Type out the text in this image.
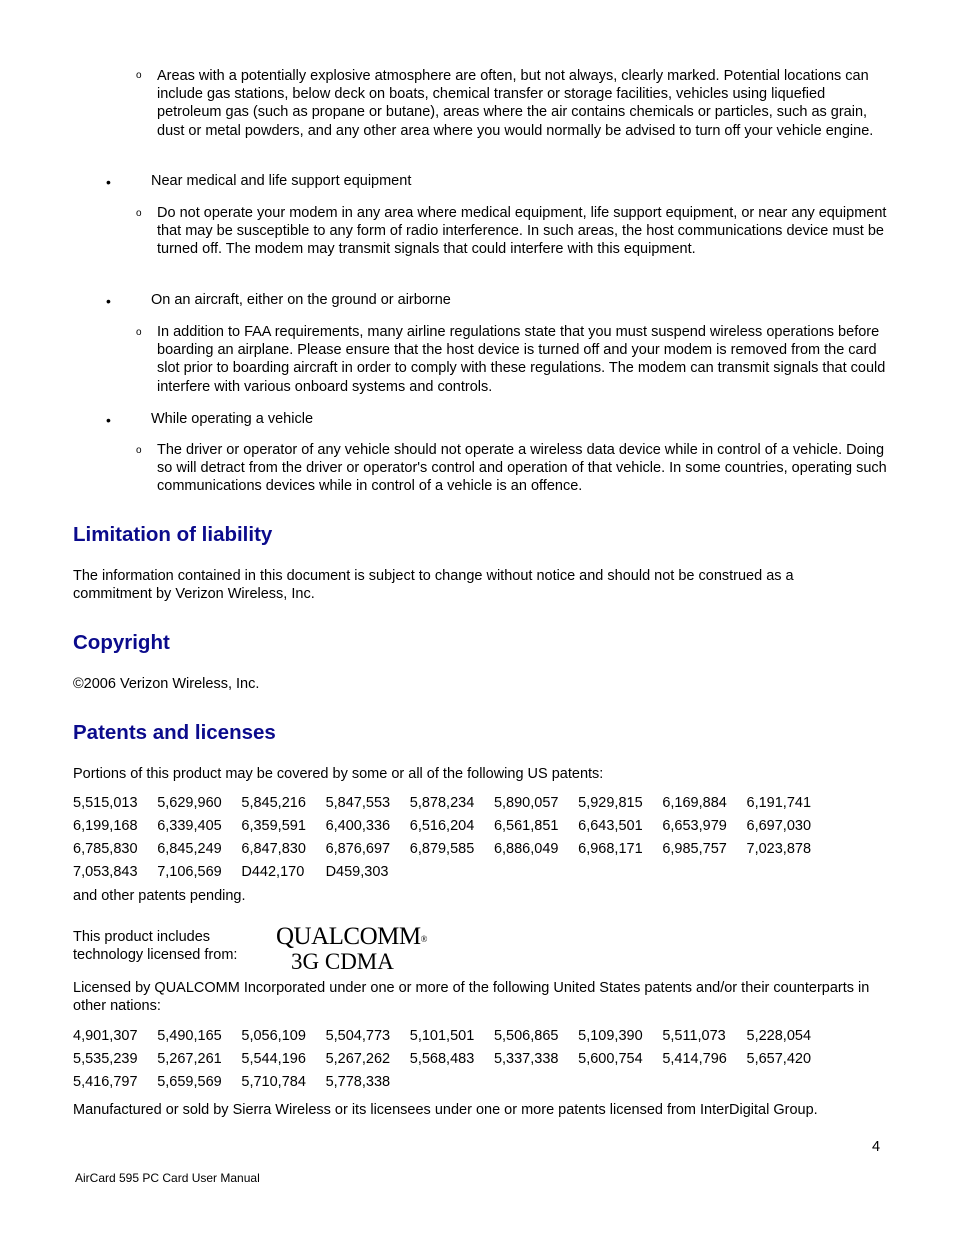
o Areas with a potentially explosive atmosphere are often, but not always, clearly marked. Potential locations can include gas stations, below deck on boats, chemical transfer or storage facilities, vehicles using liquefied petroleum gas (such as propane or butane), areas where the air contains chemicals or particles, such as grain, dust or metal powders, and any other area where you would normally be advised to turn off your vehicle engine.
•	Near medical and life support equipment
o Do not operate your modem in any area where medical equipment, life support equipment, or near any equipment that may be susceptible to any form of radio interference. In such areas, the host communications device must be turned off. The modem may transmit signals that could interfere with this equipment.
•	On an aircraft, either on the ground or airborne
o In addition to FAA requirements, many airline regulations state that you must suspend wireless operations before boarding an airplane. Please ensure that the host device is turned off and your modem is removed from the card slot prior to boarding aircraft in order to comply with these regulations. The modem can transmit signals that could interfere with various onboard systems and controls.
•	While operating a vehicle
o The driver or operator of any vehicle should not operate a wireless data device while in control of a vehicle. Doing so will detract from the driver or operator's control and operation of that vehicle. In some countries, operating such communications devices while in control of a vehicle is an offence.
Limitation of liability
The information contained in this document is subject to change without notice and should not be construed as a commitment by Verizon Wireless, Inc.
Copyright
©2006 Verizon Wireless, Inc.
Patents and licenses
Portions of this product may be covered by some or all of the following US patents:
5,515,013	5,629,960	5,845,216	5,847,553	5,878,234	5,890,057	5,929,815	6,169,884	6,191,741
6,199,168	6,339,405	6,359,591	6,400,336	6,516,204	6,561,851	6,643,501	6,653,979	6,697,030
6,785,830	6,845,249	6,847,830	6,876,697	6,879,585	6,886,049	6,968,171	6,985,757	7,023,878
7,053,843	7,106,569	D442,170	D459,303
and other patents pending.
This product includes technology licensed from:
QUALCOMM®
3G CDMA
Licensed by QUALCOMM Incorporated under one or more of the following United States patents and/or their counterparts in other nations:
4,901,307	5,490,165	5,056,109	5,504,773	5,101,501	5,506,865	5,109,390	5,511,073	5,228,054
5,535,239	5,267,261	5,544,196	5,267,262	5,568,483	5,337,338	5,600,754	5,414,796	5,657,420
5,416,797	5,659,569	5,710,784	5,778,338
Manufactured or sold by Sierra Wireless or its licensees under one or more patents licensed from InterDigital Group.
4
AirCard 595 PC Card User Manual
